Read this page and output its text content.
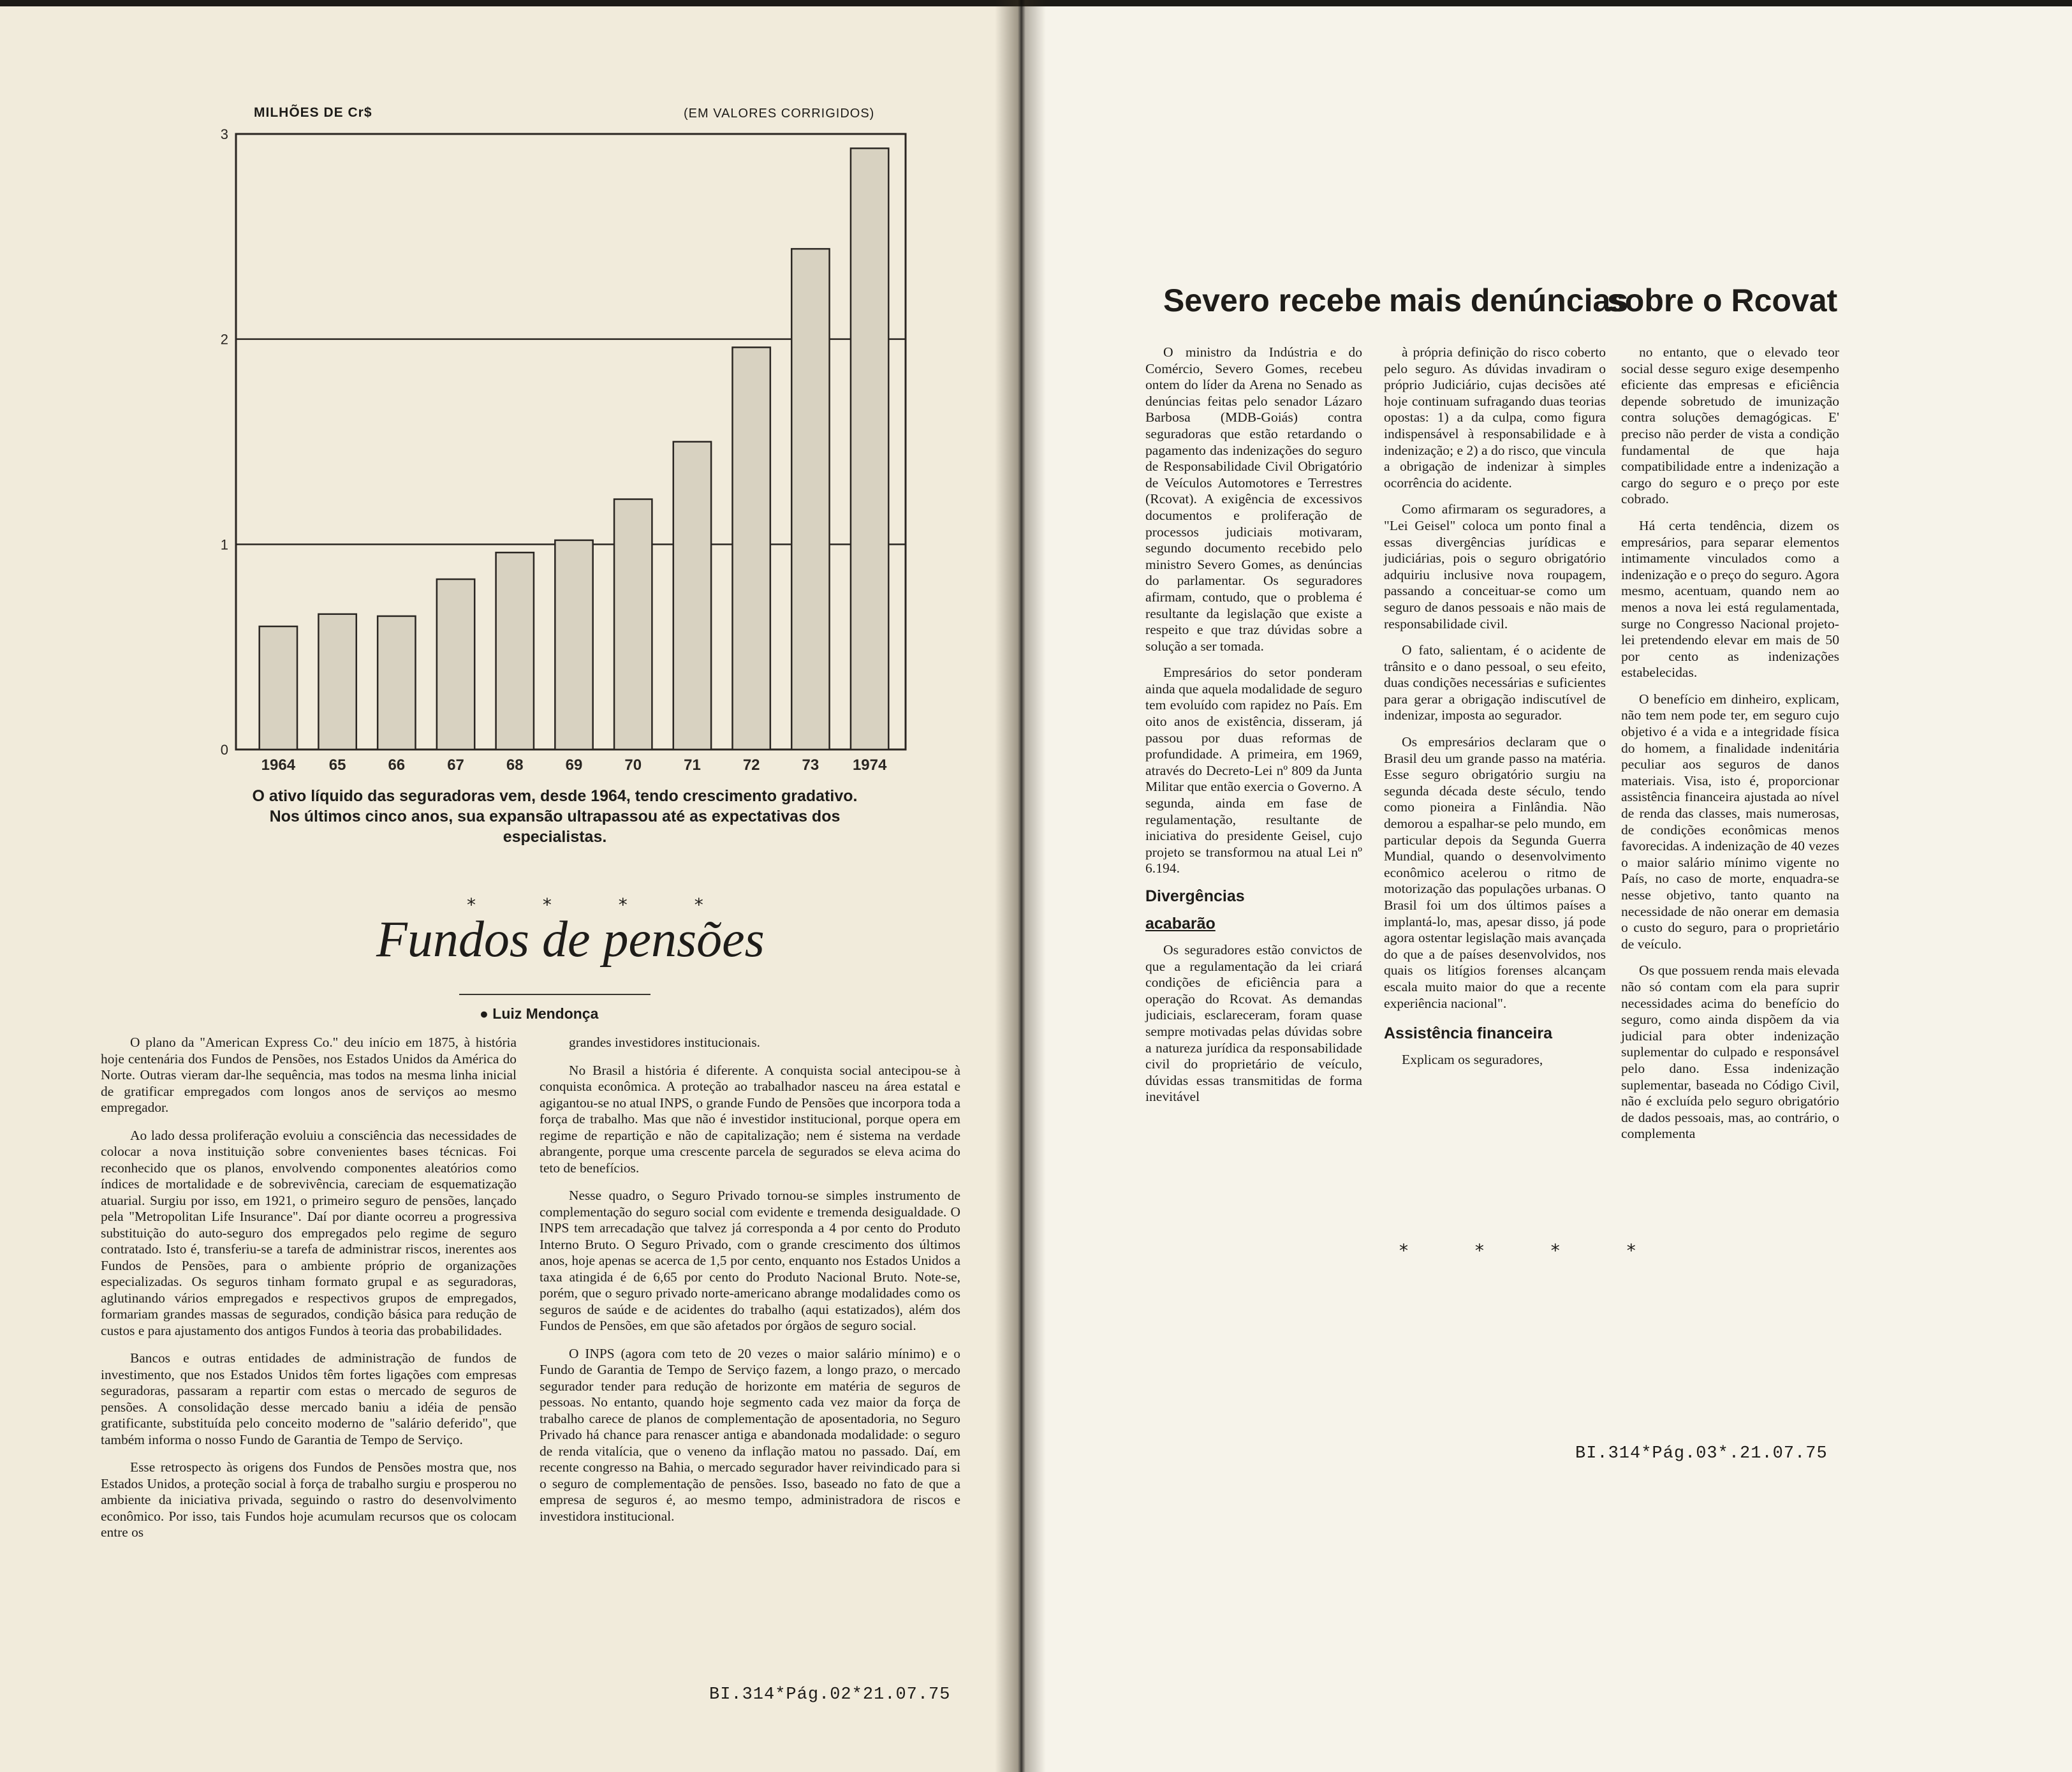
MILHÕES DE Cr$	(EM VALORES CORRIGIDOS)
0
1
2
3
1964 65	66	67	68	69	70	71	72	73 1974
O ativo líquido das seguradoras vem, desde 1964, tendo crescimento gradativo. Nos últimos cinco anos, sua expansão ultrapassou até as expectativas dos especialistas.
* * * *
Fundos de pensões
● Luiz Mendonça

O plano da "American Express Co." deu início em 1875, à história hoje centenária dos Fundos de Pensões, nos Estados Unidos da América do Norte. Outras vieram dar-lhe sequência, mas todos na mesma linha inicial de gratificar empregados com longos anos de serviços ao mesmo empregador.

Ao lado dessa proliferação evoluiu a consciência das necessidades de colocar a nova instituição sobre convenientes bases técnicas. Foi reconhecido que os planos, envolvendo componentes aleatórios como índices de mortalidade e de sobrevivência, careciam de esquematização atuarial. Surgiu por isso, em 1921, o primeiro seguro de pensões, lançado pela "Metropolitan Life Insurance". Daí por diante ocorreu a progressiva substituição do auto-seguro dos empregados pelo regime de seguro contratado. Isto é, transferiu-se a tarefa de administrar riscos, inerentes aos Fundos de Pensões, para o ambiente próprio de organizações especializadas. Os seguros tinham formato grupal e as seguradoras, aglutinando vários empregados e respectivos grupos de empregados, formariam grandes massas de segurados, condição básica para redução de custos e para ajustamento dos antigos Fundos à teoria das probabilidades.

Bancos e outras entidades de administração de fundos de investimento, que nos Estados Unidos têm fortes ligações com empresas seguradoras, passaram a repartir com estas o mercado de seguros de pensões. A consolidação desse mercado baniu a idéia de pensão gratificante, substituída pelo conceito moderno de "salário deferido", que também informa o nosso Fundo de Garantia de Tempo de Serviço.

Esse retrospecto às origens dos Fundos de Pensões mostra que, nos Estados Unidos, a proteção social à força de trabalho surgiu e prosperou no ambiente da iniciativa privada, seguindo o rastro do desenvolvimento econômico. Por isso, tais Fundos hoje acumulam recursos que os colocam entre os

grandes investidores institucionais.

No Brasil a história é diferente. A conquista social antecipou-se à conquista econômica. A proteção ao trabalhador nasceu na área estatal e agigantou-se no atual INPS, o grande Fundo de Pensões que incorpora toda a força de trabalho. Mas que não é investidor institucional, porque opera em regime de repartição e não de capitalização; nem é sistema na verdade abrangente, porque uma crescente parcela de segurados se eleva acima do teto de benefícios.

Nesse quadro, o Seguro Privado tornou-se simples instrumento de complementação do seguro social com evidente e tremenda desigualdade. O INPS tem arrecadação que talvez já corresponda a 4 por cento do Produto Interno Bruto. O Seguro Privado, com o grande crescimento dos últimos anos, hoje apenas se acerca de 1,5 por cento, enquanto nos Estados Unidos a taxa atingida é de 6,65 por cento do Produto Nacional Bruto. Note-se, porém, que o seguro privado norte-americano abrange modalidades como os seguros de saúde e de acidentes do trabalho (aqui estatizados), além dos Fundos de Pensões, em que são afetados por órgãos de seguro social.

O INPS (agora com teto de 20 vezes o maior salário mínimo) e o Fundo de Garantia de Tempo de Serviço fazem, a longo prazo, o mercado segurador tender para redução de horizonte em matéria de seguros de pessoas. No entanto, quando hoje segmento cada vez maior da força de trabalho carece de planos de complementação de aposentadoria, no Seguro Privado há chance para renascer antiga e abandonada modalidade: o seguro de renda vitalícia, que o veneno da inflação matou no passado. Daí, em recente congresso na Bahia, o mercado segurador haver reivindicado para si o seguro de complementação de pensões. Isso, baseado no fato de que a empresa de seguros é, ao mesmo tempo, administradora de riscos e investidora institucional.

BI.314*Pág.02*21.07.75
Severo recebe mais denúncias
sobre o Rcovat

O ministro da Indústria e do Comércio, Severo Gomes, recebeu ontem do líder da Arena no Senado as denúncias feitas pelo senador Lázaro Barbosa (MDB-Goiás) contra seguradoras que estão retardando o pagamento das indenizações do seguro de Responsabilidade Civil Obrigatório de Veículos Automotores e Terrestres (Rcovat). A exigência de excessivos documentos e proliferação de processos judiciais motivaram, segundo documento recebido pelo ministro Severo Gomes, as denúncias do parlamentar. Os seguradores afirmam, contudo, que o problema é resultante da legislação que existe a respeito e que traz dúvidas sobre a solução a ser tomada.

Empresários do setor ponderam ainda que aquela modalidade de seguro tem evoluído com rapidez no País. Em oito anos de existência, disseram, já passou por duas reformas de profundidade. A primeira, em 1969, através do Decreto-Lei nº 809 da Junta Militar que então exercia o Governo. A segunda, ainda em fase de regulamentação, resultante de iniciativa do presidente Geisel, cujo projeto se transformou na atual Lei nº 6.194.

Divergências
acabarão

Os seguradores estão convictos de que a regulamentação da lei criará condições de eficiência para a operação do Rcovat. As demandas judiciais, esclareceram, foram quase sempre motivadas pelas dúvidas sobre a natureza jurídica da responsabilidade civil do proprietário de veículo, dúvidas essas transmitidas de forma inevitável

à própria definição do risco coberto pelo seguro. As dúvidas invadiram o próprio Judiciário, cujas decisões até hoje continuam sufragando duas teorias opostas: 1) a da culpa, como figura indispensável à responsabilidade e à indenização; e 2) a do risco, que vincula a obrigação de indenizar à simples ocorrência do acidente.

Como afirmaram os seguradores, a "Lei Geisel" coloca um ponto final a essas divergências jurídicas e judiciárias, pois o seguro obrigatório adquiriu inclusive nova roupagem, passando a conceituar-se como um seguro de danos pessoais e não mais de responsabilidade civil.

O fato, salientam, é o acidente de trânsito e o dano pessoal, o seu efeito, duas condições necessárias e suficientes para gerar a obrigação indiscutível de indenizar, imposta ao segurador.

Os empresários declaram que o Brasil deu um grande passo na matéria. Esse seguro obrigatório surgiu na segunda década deste século, tendo como pioneira a Finlândia. Não demorou a espalhar-se pelo mundo, em particular depois da Segunda Guerra Mundial, quando o desenvolvimento econômico acelerou o ritmo de motorização das populações urbanas. O Brasil foi um dos últimos países a implantá-lo, mas, apesar disso, já pode agora ostentar legislação mais avançada do que a de países desenvolvidos, nos quais os litígios forenses alcançam escala muito maior do que a recente experiência nacional".

Assistência financeira

Explicam os seguradores,

no entanto, que o elevado teor social desse seguro exige desempenho eficiente das empresas e eficiência depende sobretudo de imunização contra soluções demagógicas. E' preciso não perder de vista a condição fundamental de que haja compatibilidade entre a indenização a cargo do seguro e o preço por este cobrado.

Há certa tendência, dizem os empresários, para separar elementos intimamente vinculados como a indenização e o preço do seguro. Agora mesmo, acentuam, quando nem ao menos a nova lei está regulamentada, surge no Congresso Nacional projeto-lei pretendendo elevar em mais de 50 por cento as indenizações estabelecidas.

O benefício em dinheiro, explicam, não tem nem pode ter, em seguro cujo objetivo é a vida e a integridade física do homem, a finalidade indenitária peculiar aos seguros de danos materiais. Visa, isto é, proporcionar assistência financeira ajustada ao nível de renda das classes, mais numerosas, de condições econômicas menos favorecidas. A indenização de 40 vezes o maior salário mínimo vigente no País, no caso de morte, enquadra-se nesse objetivo, tanto quanto na necessidade de não onerar em demasia o custo do seguro, para o proprietário de veículo.

Os que possuem renda mais elevada não só contam com ela para suprir necessidades acima do benefício do seguro, como ainda dispõem da via judicial para obter indenização suplementar do culpado e responsável pelo dano. Essa indenização suplementar, baseada no Código Civil, não é excluída pelo seguro obrigatório de dados pessoais, mas, ao contrário, o complementa

* * * *
BI.314*Pág.03*.21.07.75
